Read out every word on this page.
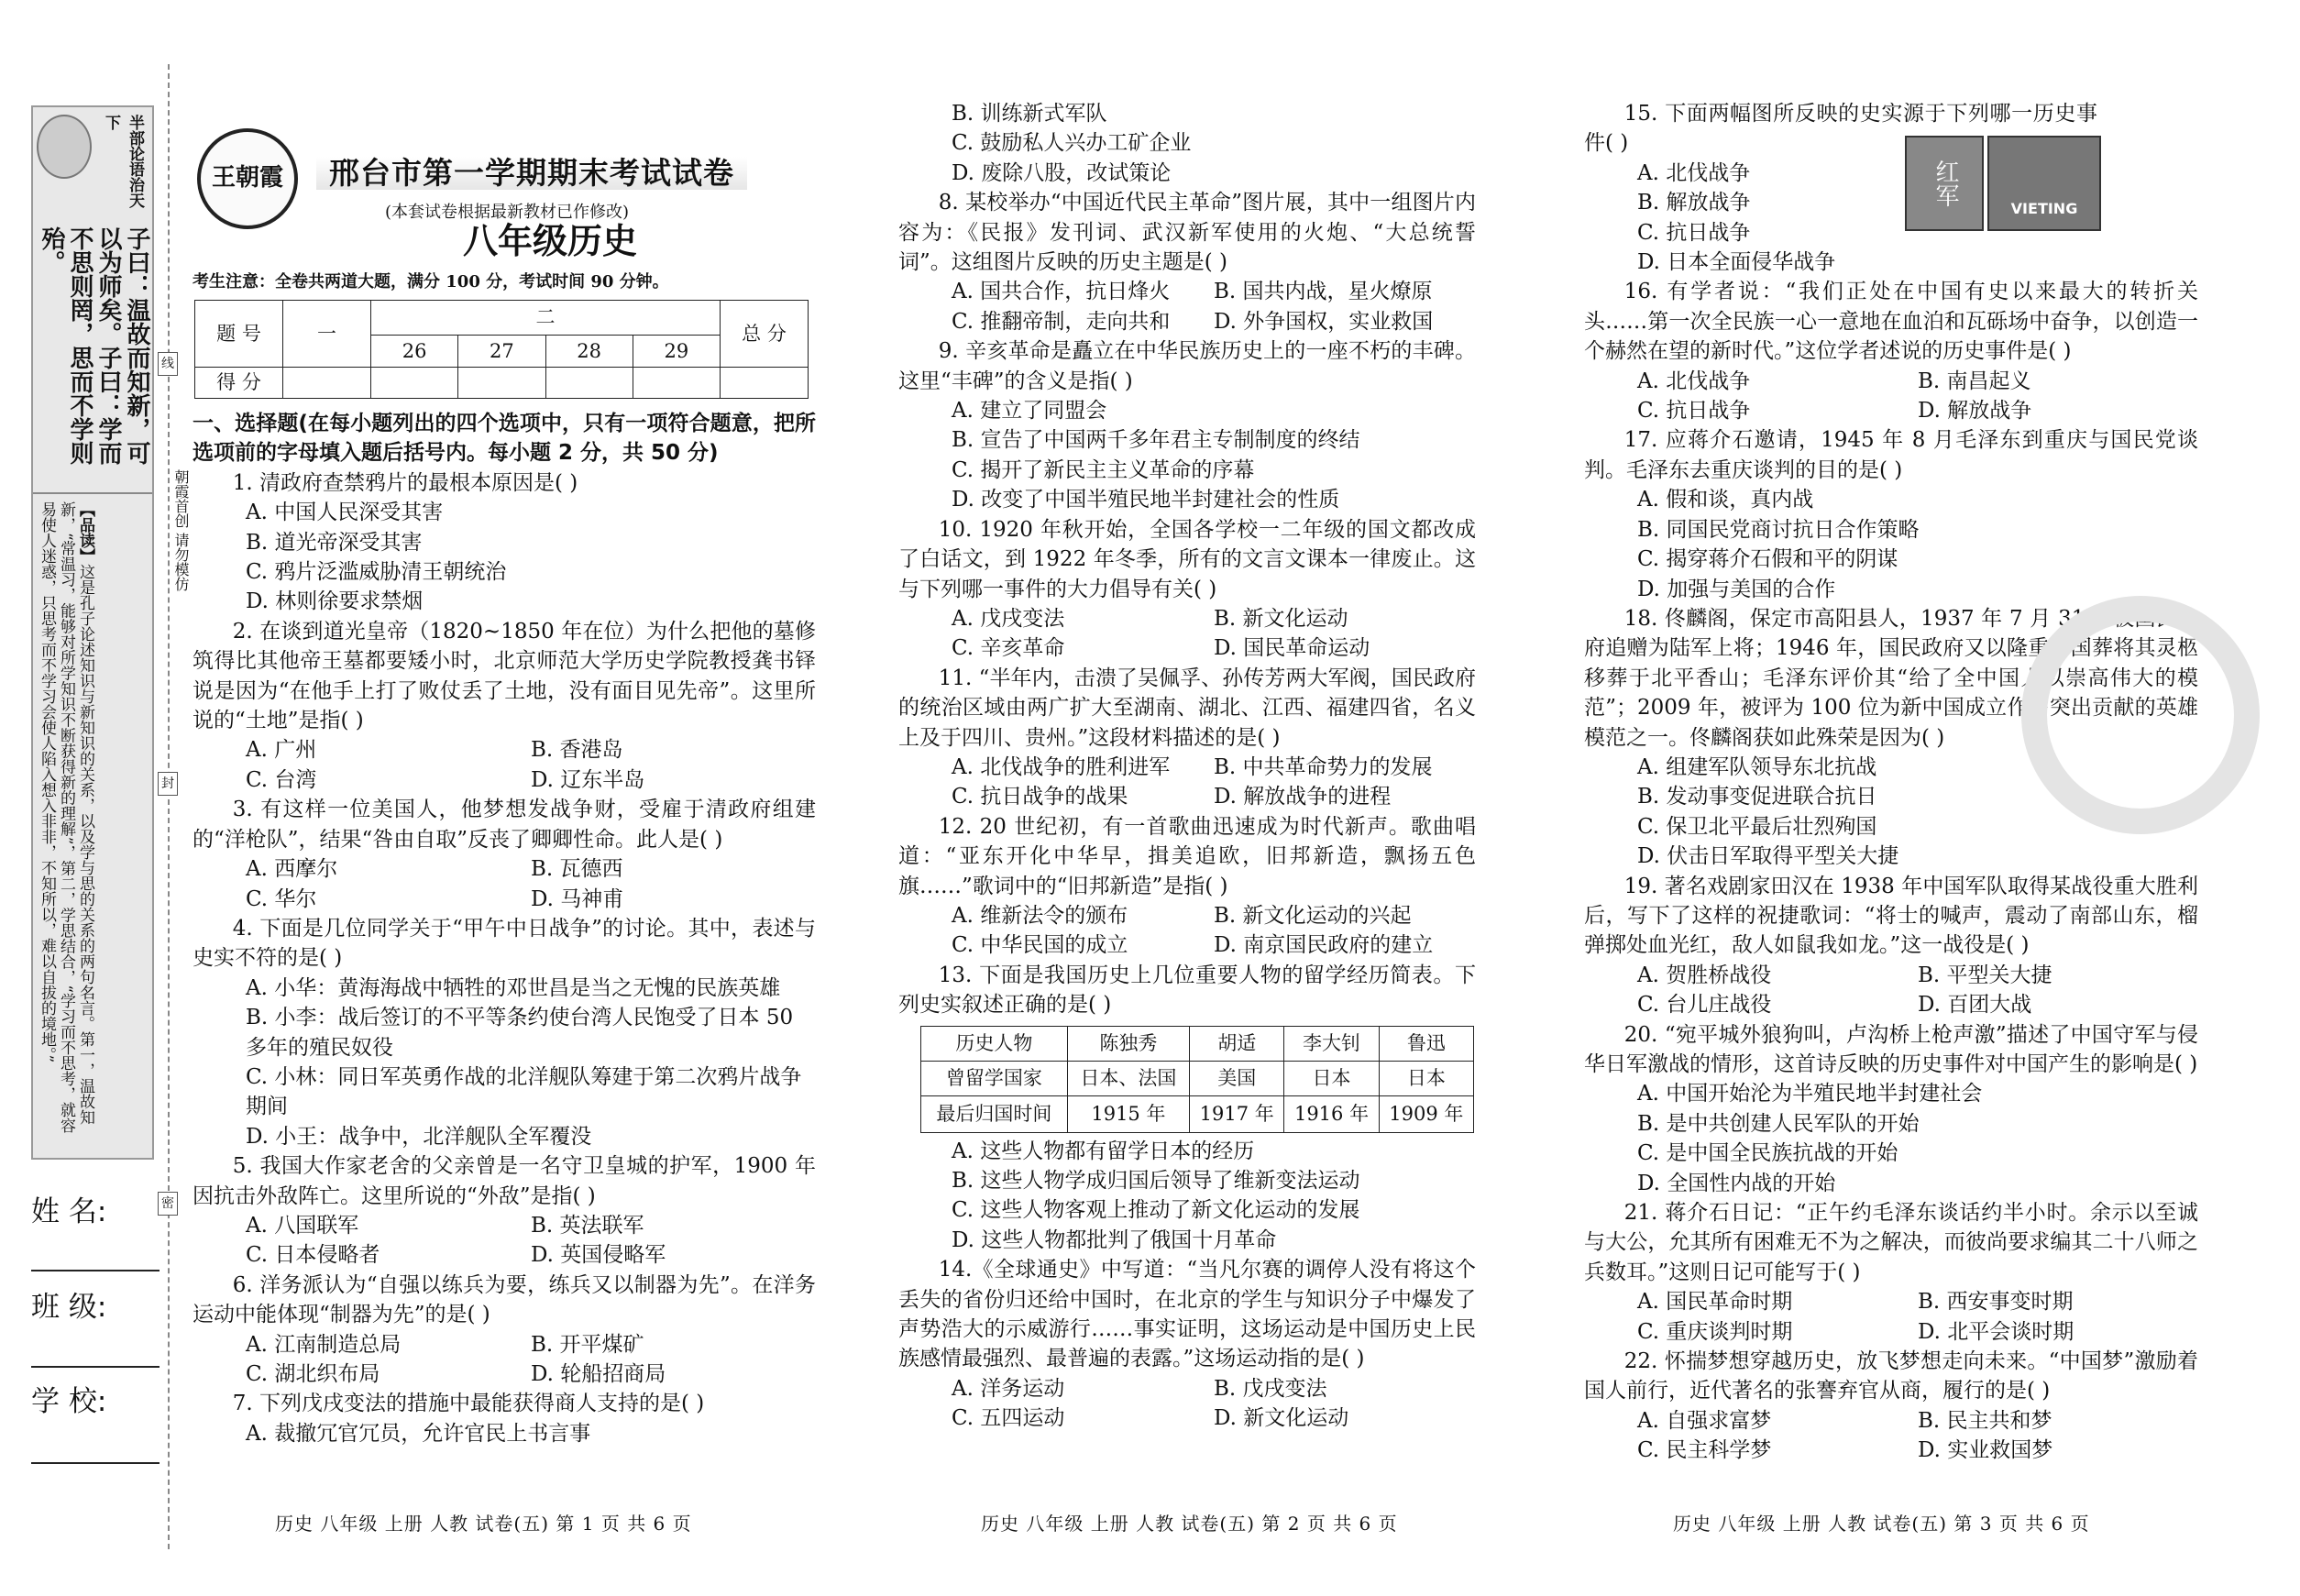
半部论语治天下
子曰：温故而知新，可以为师矣。子曰：学而不思则罔，思而不学则殆。
【品读】这是孔子论述知识与新知识的关系，以及学与思的关系的两句名言。第一，温故知新，“常温习，能够对所学知识不断获得新的理解”，第二，学思结合，“学习而不思考，就容易使人迷惑，只思考而不学习会使人陷入想入非非，不知所以，难以自拔的境地。”	朝霞首创 请勿模仿
线
封
密
姓 名:
班 级:
学 校:
王朝霞	邢台市第一学期期末考试试卷
(本套试卷根据最新教材已作修改)
八年级历史
考生注意：全卷共两道大题，满分 100 分，考试时间 90 分钟。
题 号	一	二				总 分
		26	27	28	29	
得 分						

一、选择题(在每小题列出的四个选项中，只有一项符合题意，把所选项前的字母填入题后括号内。每小题 2 分，共 50 分)

1. 清政府查禁鸦片的最根本原因是( )

A. 中国人民深受其害
B. 道光帝深受其害
C. 鸦片泛滥威胁清王朝统治
D. 林则徐要求禁烟

2. 在谈到道光皇帝（1820~1850 年在位）为什么把他的墓修筑得比其他帝王墓都要矮小时，北京师范大学历史学院教授龚书铎说是因为“在他手上打了败仗丢了土地，没有面目见先帝”。这里所说的“土地”是指( )

A. 广州	B. 香港岛
C. 台湾	D. 辽东半岛

3. 有这样一位美国人，他梦想发战争财，受雇于清政府组建的“洋枪队”，结果“咎由自取”反丧了卿卿性命。此人是( )

A. 西摩尔	B. 瓦德西
C. 华尔	D. 马神甫

4. 下面是几位同学关于“甲午中日战争”的讨论。其中，表述与史实不符的是( )

A. 小华：黄海海战中牺牲的邓世昌是当之无愧的民族英雄
B. 小李：战后签订的不平等条约使台湾人民饱受了日本 50 多年的殖民奴役
C. 小林：同日军英勇作战的北洋舰队筹建于第二次鸦片战争期间
D. 小王：战争中，北洋舰队全军覆没

5. 我国大作家老舍的父亲曾是一名守卫皇城的护军，1900 年因抗击外敌阵亡。这里所说的“外敌”是指( )

A. 八国联军	B. 英法联军
C. 日本侵略者	D. 英国侵略军

6. 洋务派认为“自强以练兵为要，练兵又以制器为先”。在洋务运动中能体现“制器为先”的是( )

A. 江南制造总局	B. 开平煤矿
C. 湖北织布局	D. 轮船招商局

7. 下列戊戌变法的措施中最能获得商人支持的是( )

A. 裁撤冗官冗员，允许官民上书言事
B. 训练新式军队
C. 鼓励私人兴办工矿企业
D. 废除八股，改试策论

8. 某校举办“中国近代民主革命”图片展，其中一组图片内容为：《民报》发刊词、武汉新军使用的火炮、“大总统誓词”。这组图片反映的历史主题是( )

A. 国共合作，抗日烽火	B. 国共内战，星火燎原
C. 推翻帝制，走向共和	D. 外争国权，实业救国

9. 辛亥革命是矗立在中华民族历史上的一座不朽的丰碑。这里“丰碑”的含义是指( )

A. 建立了同盟会
B. 宣告了中国两千多年君主专制制度的终结
C. 揭开了新民主主义革命的序幕
D. 改变了中国半殖民地半封建社会的性质

10. 1920 年秋开始，全国各学校一二年级的国文都改成了白话文，到 1922 年冬季，所有的文言文课本一律废止。这与下列哪一事件的大力倡导有关( )

A. 戊戌变法	B. 新文化运动
C. 辛亥革命	D. 国民革命运动

11. “半年内，击溃了吴佩孚、孙传芳两大军阀，国民政府的统治区域由两广扩大至湖南、湖北、江西、福建四省，名义上及于四川、贵州。”这段材料描述的是( )

A. 北伐战争的胜利进军	B. 中共革命势力的发展
C. 抗日战争的战果	D. 解放战争的进程

12. 20 世纪初，有一首歌曲迅速成为时代新声。歌曲唱道：“亚东开化中华早，揖美追欧，旧邦新造，飘扬五色旗……”歌词中的“旧邦新造”是指( )

A. 维新法令的颁布	B. 新文化运动的兴起
C. 中华民国的成立	D. 南京国民政府的建立

13. 下面是我国历史上几位重要人物的留学经历简表。下列史实叙述正确的是( )

历史人物	陈独秀	胡适	李大钊	鲁迅
曾留学国家	日本、法国	美国	日本	日本
最后归国时间	1915 年	1917 年	1916 年	1909 年
A. 这些人物都有留学日本的经历
B. 这些人物学成归国后领导了维新变法运动
C. 这些人物客观上推动了新文化运动的发展
D. 这些人物都批判了俄国十月革命

14.《全球通史》中写道：“当凡尔赛的调停人没有将这个丢失的省份归还给中国时，在北京的学生与知识分子中爆发了声势浩大的示威游行……事实证明，这场运动是中国历史上民族感情最强烈、最普遍的表露。”这场运动指的是( )

A. 洋务运动	B. 戊戌变法
C. 五四运动	D. 新文化运动

15. 下面两幅图所反映的史实源于下列哪一历史事件( )

A. 北伐战争
B. 解放战争
C. 抗日战争
D. 日本全面侵华战争

16. 有学者说：“我们正处在中国有史以来最大的转折关头……第一次全民族一心一意地在血泊和瓦砾场中奋争，以创造一个赫然在望的新时代。”这位学者述说的历史事件是( )

A. 北伐战争	B. 南昌起义
C. 抗日战争	D. 解放战争

17. 应蒋介石邀请，1945 年 8 月毛泽东到重庆与国民党谈判。毛泽东去重庆谈判的目的是( )

A. 假和谈，真内战
B. 同国民党商讨抗日合作策略
C. 揭穿蒋介石假和平的阴谋
D. 加强与美国的合作

18. 佟麟阁，保定市高阳县人，1937 年 7 月 31 日被国民政府追赠为陆军上将；1946 年，国民政府又以隆重的国葬将其灵柩移葬于北平香山；毛泽东评价其“给了全中国人以崇高伟大的模范”；2009 年，被评为 100 位为新中国成立作出突出贡献的英雄模范之一。佟麟阁获如此殊荣是因为( )

A. 组建军队领导东北抗战
B. 发动事变促进联合抗日
C. 保卫北平最后壮烈殉国
D. 伏击日军取得平型关大捷

19. 著名戏剧家田汉在 1938 年中国军队取得某战役重大胜利后，写下了这样的祝捷歌词：“将士的喊声，震动了南部山东，榴弹掷处血光红，敌人如鼠我如龙。”这一战役是( )

A. 贺胜桥战役	B. 平型关大捷
C. 台儿庄战役	D. 百团大战

20. “宛平城外狼狗叫，卢沟桥上枪声激”描述了中国守军与侵华日军激战的情形，这首诗反映的历史事件对中国产生的影响是( )

A. 中国开始沦为半殖民地半封建社会
B. 是中共创建人民军队的开始
C. 是中国全民族抗战的开始
D. 全国性内战的开始

21. 蒋介石日记：“正午约毛泽东谈话约半小时。余示以至诚与大公，允其所有困难无不为之解决，而彼尚要求编其二十八师之兵数耳。”这则日记可能写于( )

A. 国民革命时期	B. 西安事变时期
C. 重庆谈判时期	D. 北平会谈时期

22. 怀揣梦想穿越历史，放飞梦想走向未来。“中国梦”激励着国人前行，近代著名的张謇弃官从商，履行的是( )

A. 自强求富梦	B. 民主共和梦
C. 民主科学梦	D. 实业救国梦
红军
VIETING
历史 八年级 上册 人教 试卷(五) 第 1 页 共 6 页	历史 八年级 上册 人教 试卷(五) 第 2 页 共 6 页	历史 八年级 上册 人教 试卷(五) 第 3 页 共 6 页
